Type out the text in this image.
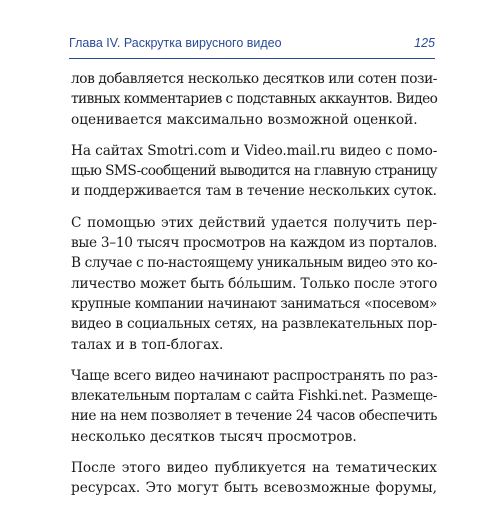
Глава IV. Раскрутка вирусного видео	125

лов добавляется несколько десятков или сотен пози-
тивных комментариев с подставных аккаунтов. Видео
оценивается максимально возможной оценкой.

На сайтах Smotri.com и Video.mail.ru видео с помо-
щью SMS-сообщений выводится на главную страницу
и поддерживается там в течение нескольких суток.

С помощью этих действий удается получить пер-
вые 3–10 тысяч просмотров на каждом из порталов.
В случае с по-настоящему уникальным видео это ко-
личество может быть бо́льшим. Только после этого
крупные компании начинают заниматься «посевом»
видео в социальных сетях, на развлекательных пор-
талах и в топ-блогах.

Чаще всего видео начинают распространять по раз-
влекательным порталам с сайта Fishki.net. Размеще-
ние на нем позволяет в течение 24 часов обеспечить
несколько десятков тысяч просмотров.

После этого видео публикуется на тематических
ресурсах. Это могут быть всевозможные форумы,
